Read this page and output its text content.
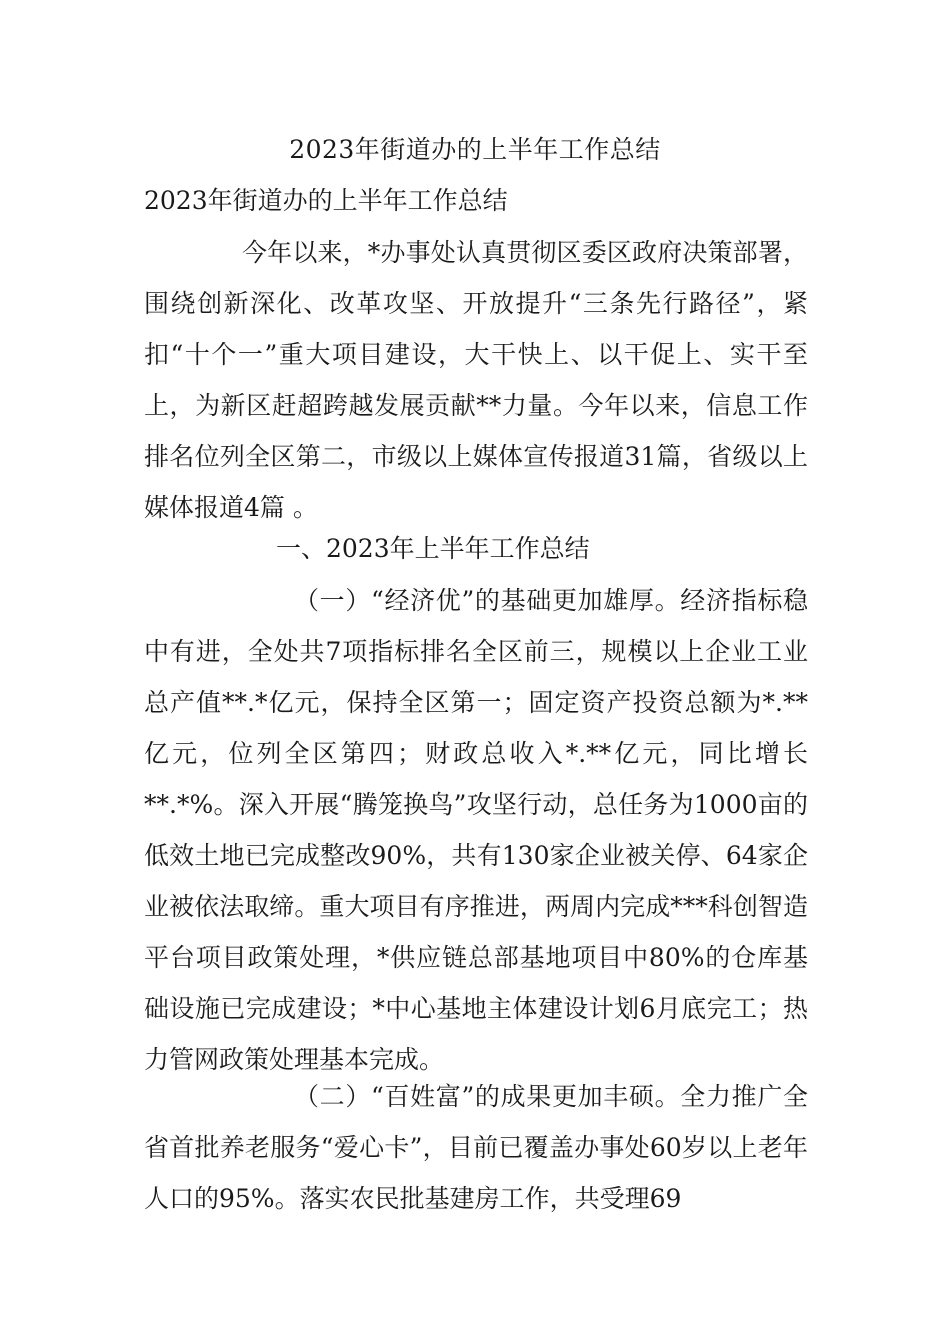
2023年街道办的上半年工作总结
2023年街道办的上半年工作总结

今年以来，*办事处认真贯彻区委区政府决策部署，围绕创新深化、改革攻坚、开放提升“三条先行路径”，紧扣“十个一”重大项目建设，大干快上、以干促上、实干至上，为新区赶超跨越发展贡献**力量。今年以来，信息工作排名位列全区第二，市级以上媒体宣传报道31篇，省级以上媒体报道4篇 。

一、2023年上半年工作总结

（一）“经济优”的基础更加雄厚。经济指标稳中有进，全处共7项指标排名全区前三，规模以上企业工业总产值**.*亿元，保持全区第一；固定资产投资总额为*.**亿元，位列全区第四；财政总收入*.**亿元，同比增长**.*%。深入开展“腾笼换鸟”攻坚行动，总任务为1000亩的低效土地已完成整改90%，共有130家企业被关停、64家企业被依法取缔。重大项目有序推进，两周内完成***科创智造平台项目政策处理，*供应链总部基地项目中80%的仓库基础设施已完成建设；*中心基地主体建设计划6月底完工；热力管网政策处理基本完成。

（二）“百姓富”的成果更加丰硕。全力推广全省首批养老服务“爱心卡”，目前已覆盖办事处60岁以上老年人口的95%。落实农民批基建房工作，共受理69
